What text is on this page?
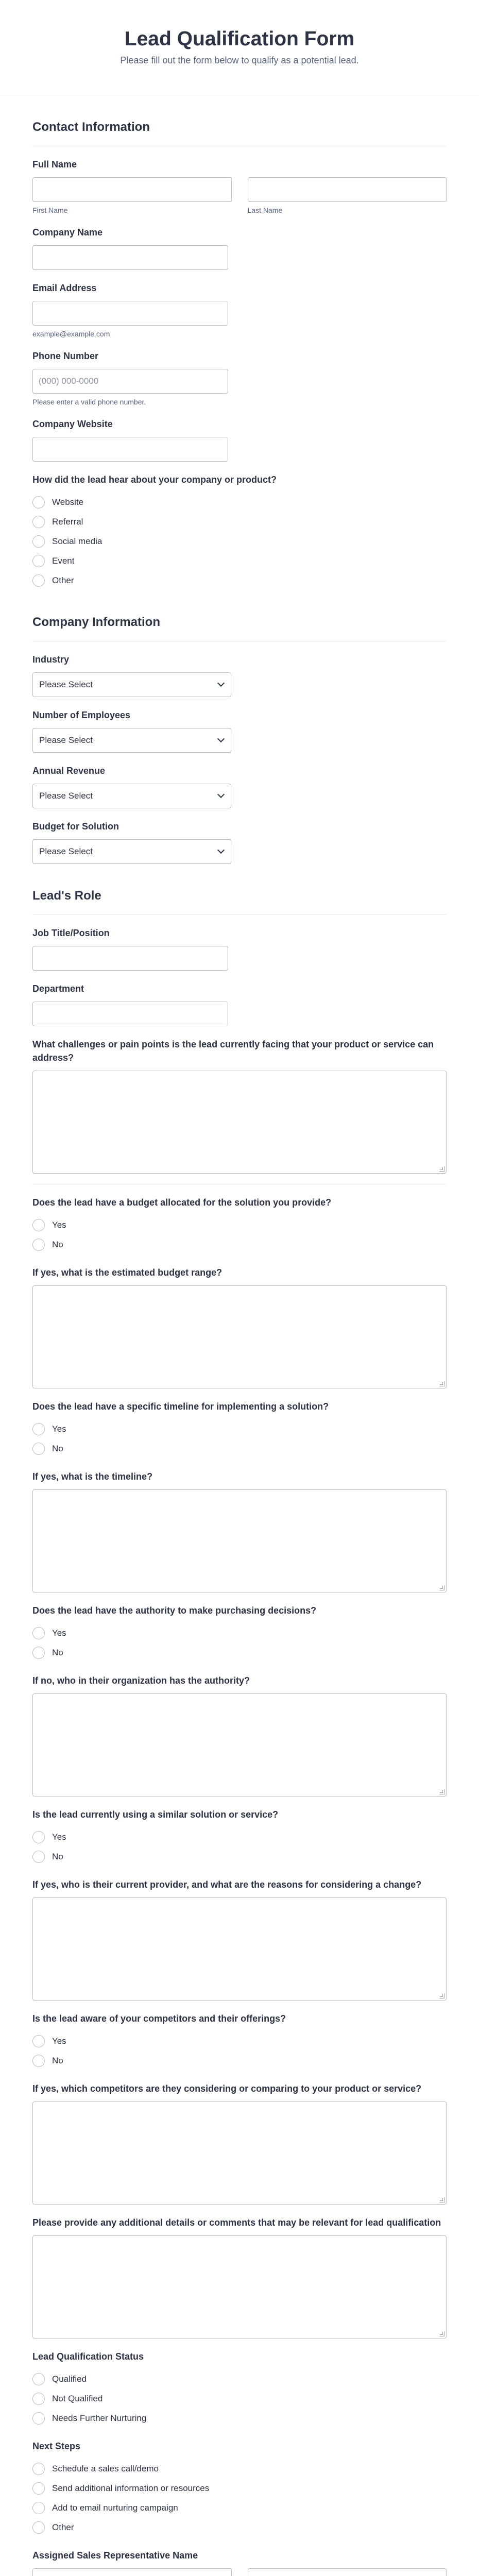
Lead Qualification Form

Please fill out the form below to qualify as a potential lead.

Contact Information
Full Name
First Name	Last Name
Company Name
Email Address
example@example.com
Phone Number
(000) 000-0000
Please enter a valid phone number.
Company Website
How did the lead hear about your company or product?
Website
Referral
Social media
Event
Other
Company Information
Industry
Please Select
Number of Employees
Please Select
Annual Revenue
Please Select
Budget for Solution
Please Select
Lead's Role
Job Title/Position
Department
What challenges or pain points is the lead currently facing that your product or service can address?
Does the lead have a budget allocated for the solution you provide?
Yes
No
If yes, what is the estimated budget range?
Does the lead have a specific timeline for implementing a solution?
Yes
No
If yes, what is the timeline?
Does the lead have the authority to make purchasing decisions?
Yes
No
If no, who in their organization has the authority?
Is the lead currently using a similar solution or service?
Yes
No
If yes, who is their current provider, and what are the reasons for considering a change?
Is the lead aware of your competitors and their offerings?
Yes
No
If yes, which competitors are they considering or comparing to your product or service?
Please provide any additional details or comments that may be relevant for lead qualification
Lead Qualification Status
Qualified
Not Qualified
Needs Further Nurturing
Next Steps
Schedule a sales call/demo
Send additional information or resources
Add to email nurturing campaign
Other
Assigned Sales Representative Name
